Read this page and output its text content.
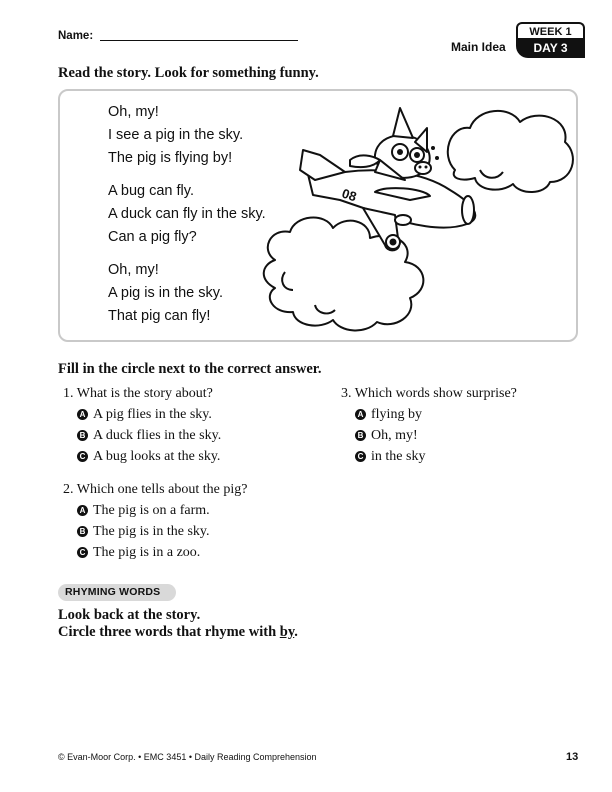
Name:
Main Idea
WEEK 1
DAY 3
Read the story. Look for something funny.
Oh, my!
I see a pig in the sky.
The pig is flying by!
A bug can fly.
A duck can fly in the sky.
Can a pig fly?
Oh, my!
A pig is in the sky.
That pig can fly!
08
Fill in the circle next to the correct answer.
1. What is the story about?
A A pig flies in the sky.
B A duck flies in the sky.
C A bug looks at the sky.
2. Which one tells about the pig?
A The pig is on a farm.
B The pig is in the sky.
C The pig is in a zoo.
3. Which words show surprise?
A flying by
B Oh, my!
C in the sky
RHYMING WORDS
Look back at the story.
Circle three words that rhyme with by.
© Evan-Moor Corp. • EMC 3451 • Daily Reading Comprehension	13
